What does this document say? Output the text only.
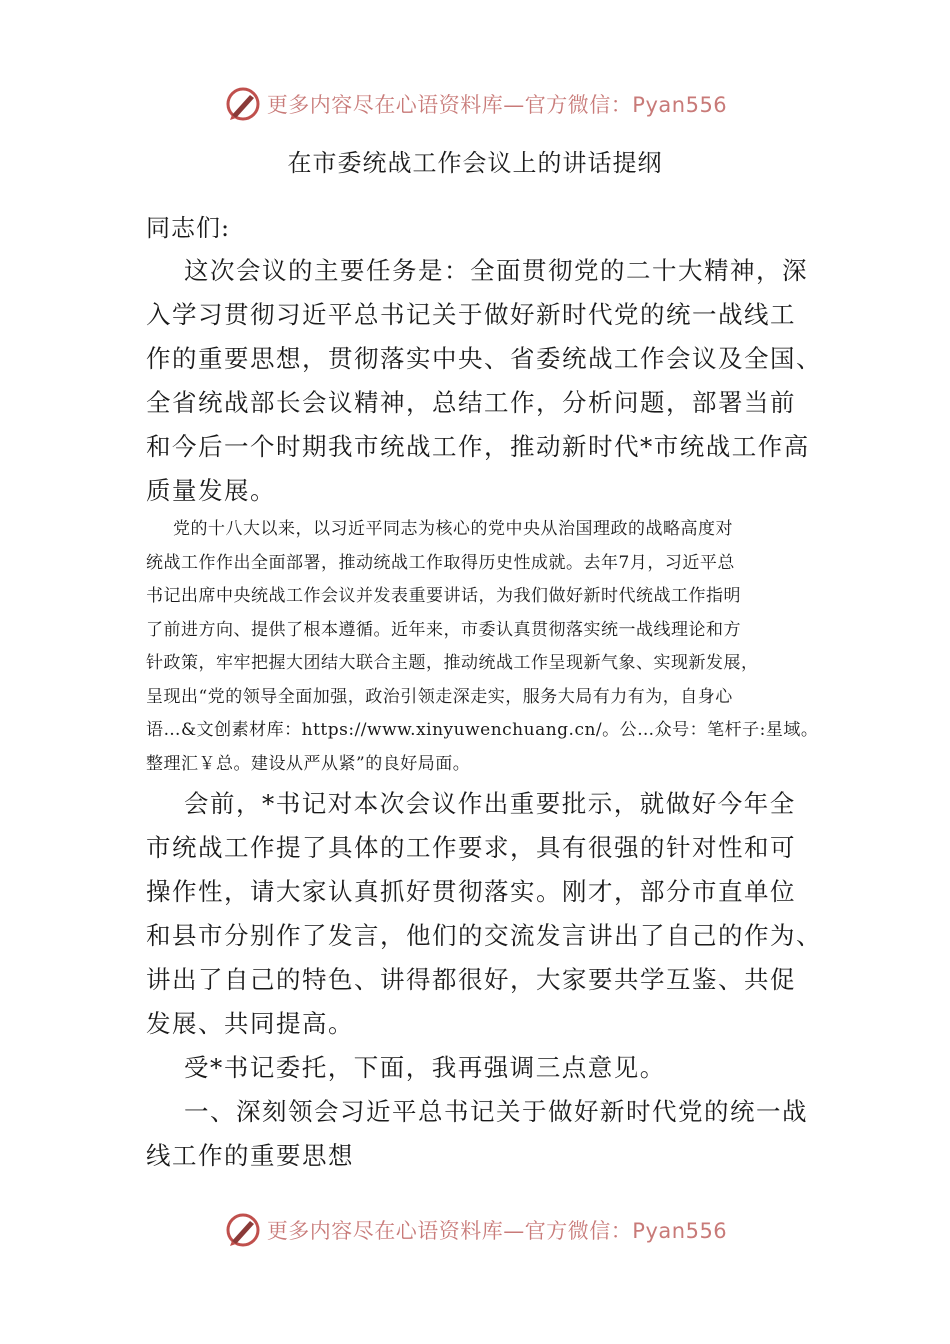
更多内容尽在心语资料库—官方微信：Pyan556
在市委统战工作会议上的讲话提纲
同志们:
这次会议的主要任务是：全面贯彻党的二十大精神，深
入学习贯彻习近平总书记关于做好新时代党的统一战线工
作的重要思想，贯彻落实中央、省委统战工作会议及全国、
全省统战部长会议精神，总结工作，分析问题，部署当前
和今后一个时期我市统战工作，推动新时代*市统战工作高
质量发展。
党的十八大以来，以习近平同志为核心的党中央从治国理政的战略高度对
统战工作作出全面部署，推动统战工作取得历史性成就。去年7月，习近平总
书记出席中央统战工作会议并发表重要讲话，为我们做好新时代统战工作指明
了前进方向、提供了根本遵循。近年来，市委认真贯彻落实统一战线理论和方
针政策，牢牢把握大团结大联合主题，推动统战工作呈现新气象、实现新发展，
呈现出“党的领导全面加强，政治引领走深走实，服务大局有力有为，自身心
语…&文创素材库：https://www.xinyuwenchuang.cn/。公…众号：笔杆子:星域。
整理汇￥总。建设从严从紧”的良好局面。
会前，*书记对本次会议作出重要批示，就做好今年全
市统战工作提了具体的工作要求，具有很强的针对性和可
操作性，请大家认真抓好贯彻落实。刚才，部分市直单位
和县市分别作了发言，他们的交流发言讲出了自己的作为、
讲出了自己的特色、讲得都很好，大家要共学互鉴、共促
发展、共同提高。
受*书记委托，下面，我再强调三点意见。
一、深刻领会习近平总书记关于做好新时代党的统一战
线工作的重要思想
更多内容尽在心语资料库—官方微信：Pyan556
